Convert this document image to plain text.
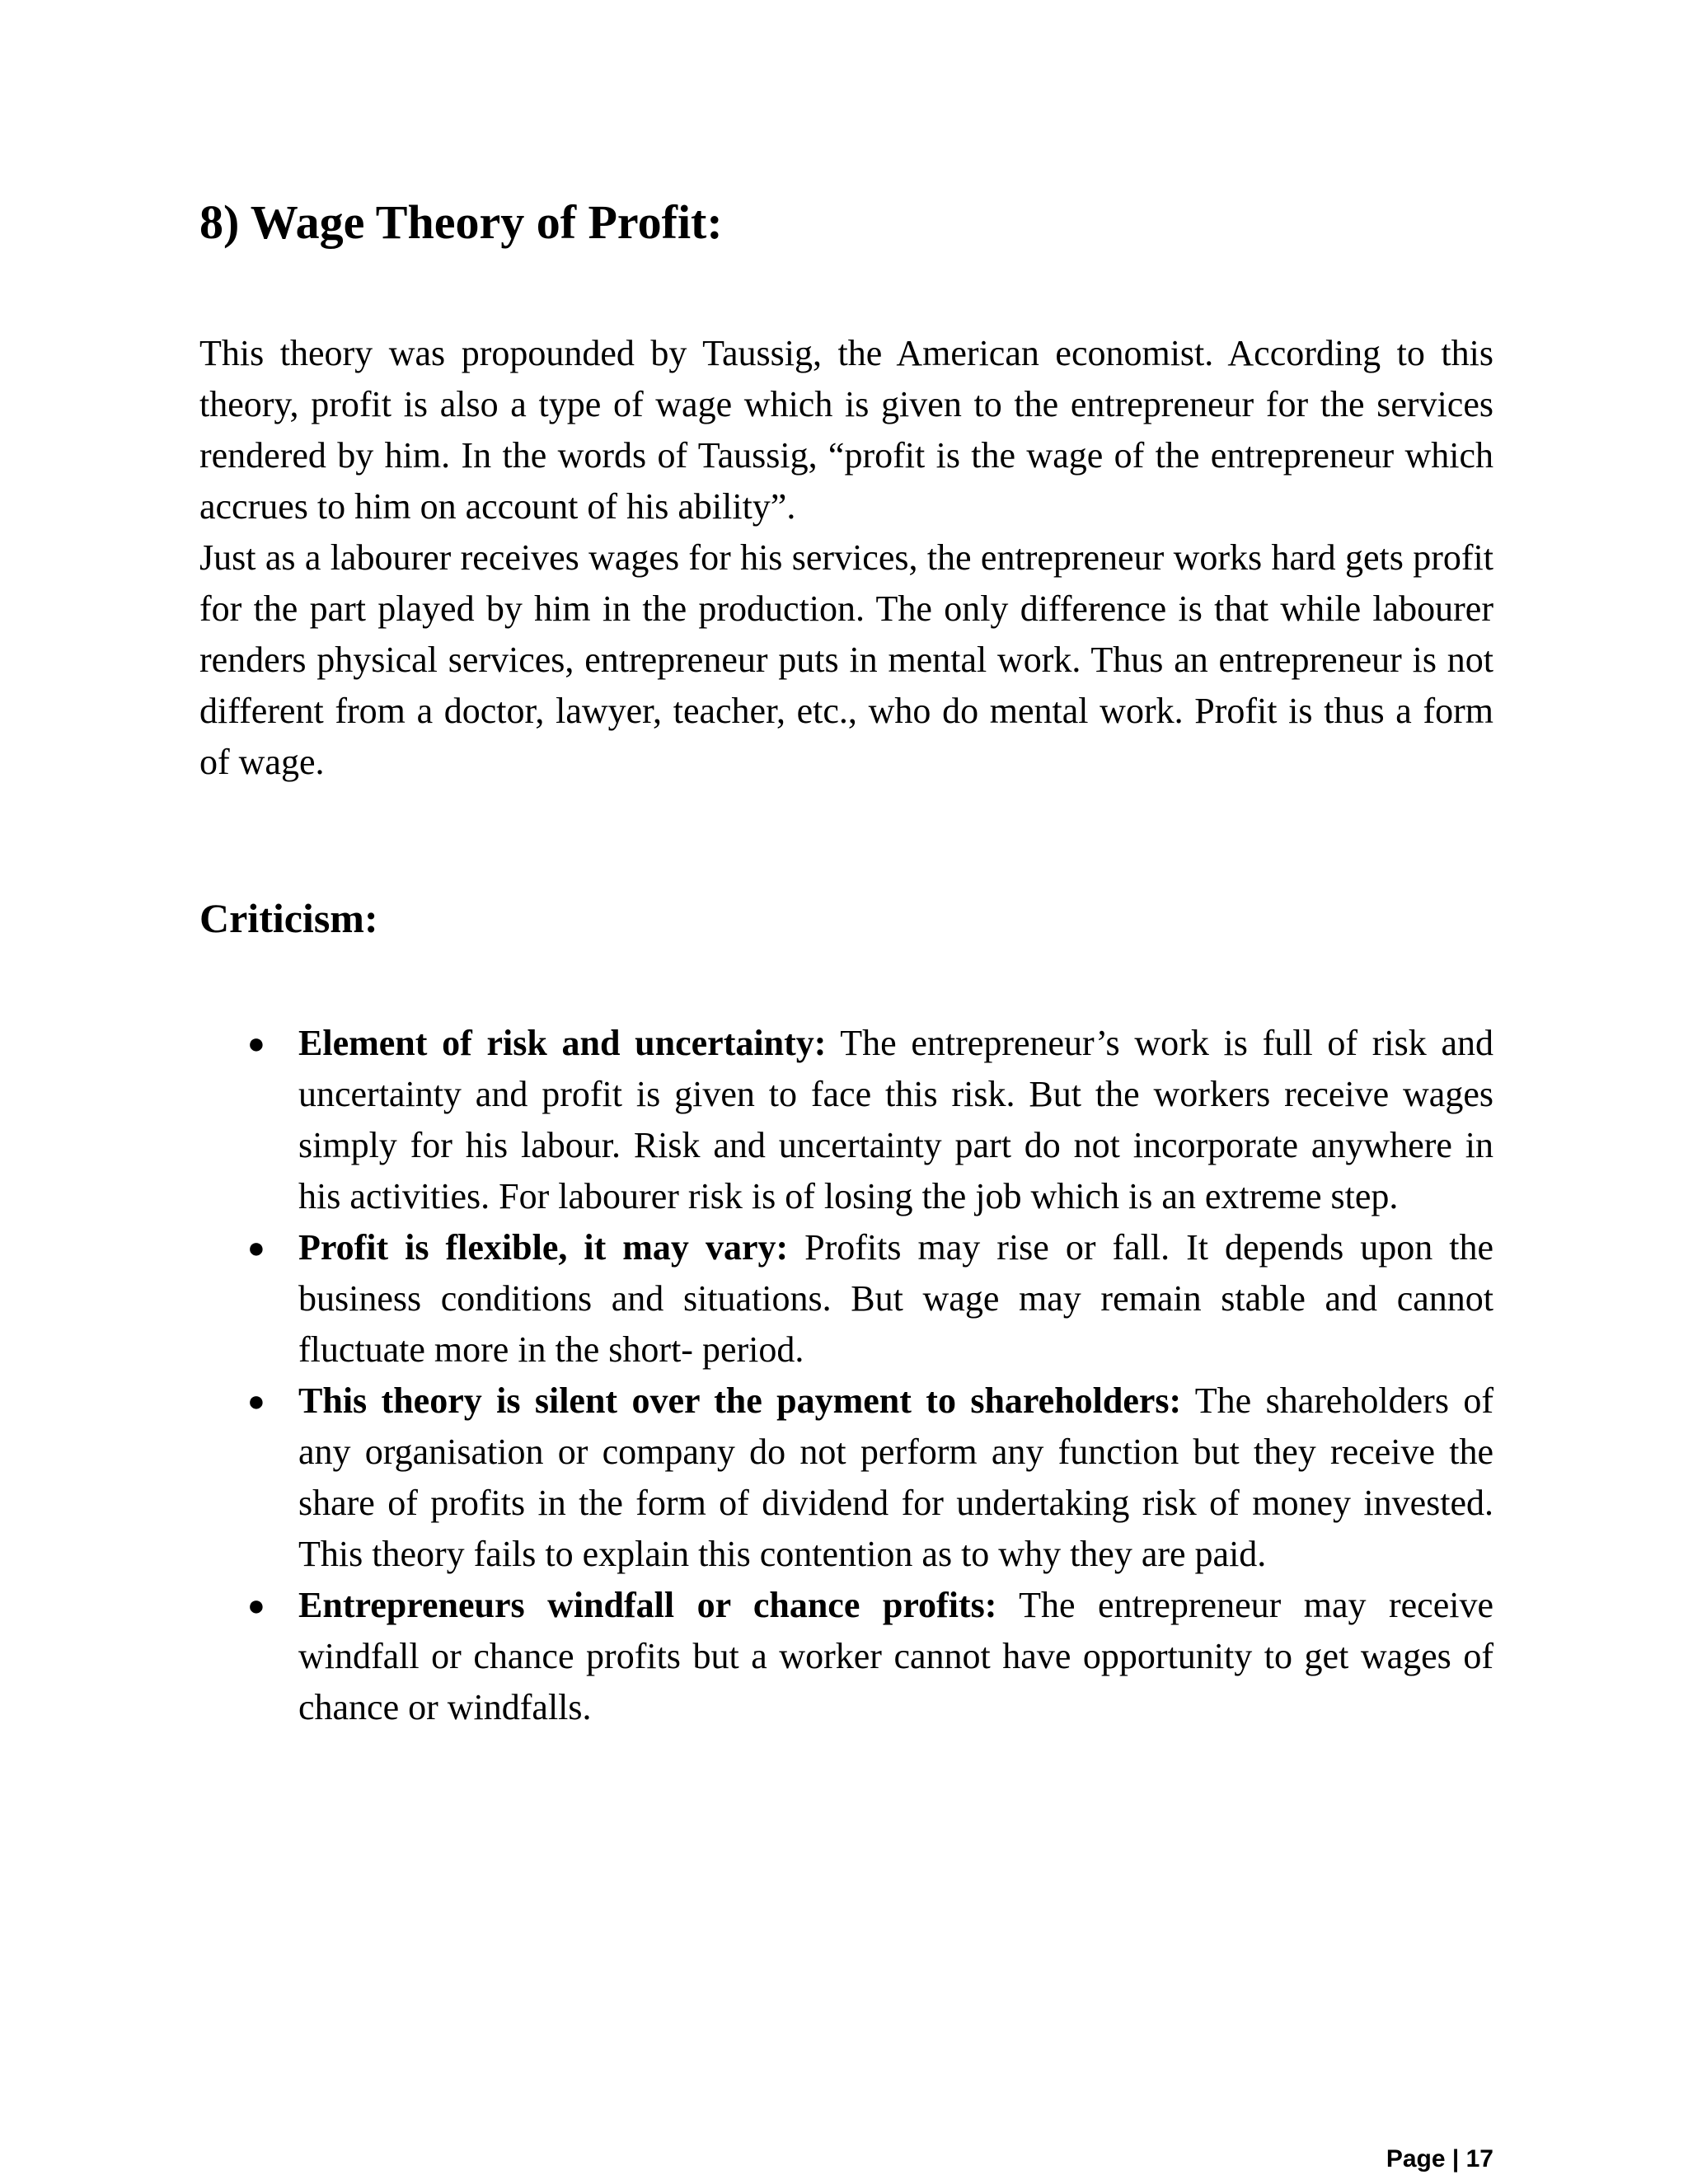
8) Wage Theory of Profit:

This theory was propounded by Taussig, the American economist. According to this theory, profit is also a type of wage which is given to the entrepreneur for the services rendered by him. In the words of Taussig, “profit is the wage of the entrepreneur which accrues to him on account of his ability”.

Just as a labourer receives wages for his services, the entrepreneur works hard gets profit for the part played by him in the production. The only difference is that while labourer renders physical services, entrepreneur puts in mental work. Thus an entrepreneur is not different from a doctor, lawyer, teacher, etc., who do mental work. Profit is thus a form of wage.

Criticism:
● Element of risk and uncertainty: The entrepreneur’s work is full of risk and uncertainty and profit is given to face this risk. But the workers receive wages simply for his labour. Risk and uncertainty part do not incorporate anywhere in his activities. For labourer risk is of losing the job which is an extreme step.
● Profit is flexible, it may vary: Profits may rise or fall. It depends upon the business conditions and situations. But wage may remain stable and cannot fluctuate more in the short- period.
● This theory is silent over the payment to shareholders: The shareholders of any organisation or company do not perform any function but they receive the share of profits in the form of dividend for undertaking risk of money invested. This theory fails to explain this contention as to why they are paid.
● Entrepreneurs windfall or chance profits: The entrepreneur may receive windfall or chance profits but a worker cannot have opportunity to get wages of chance or windfalls.
Page | 17
